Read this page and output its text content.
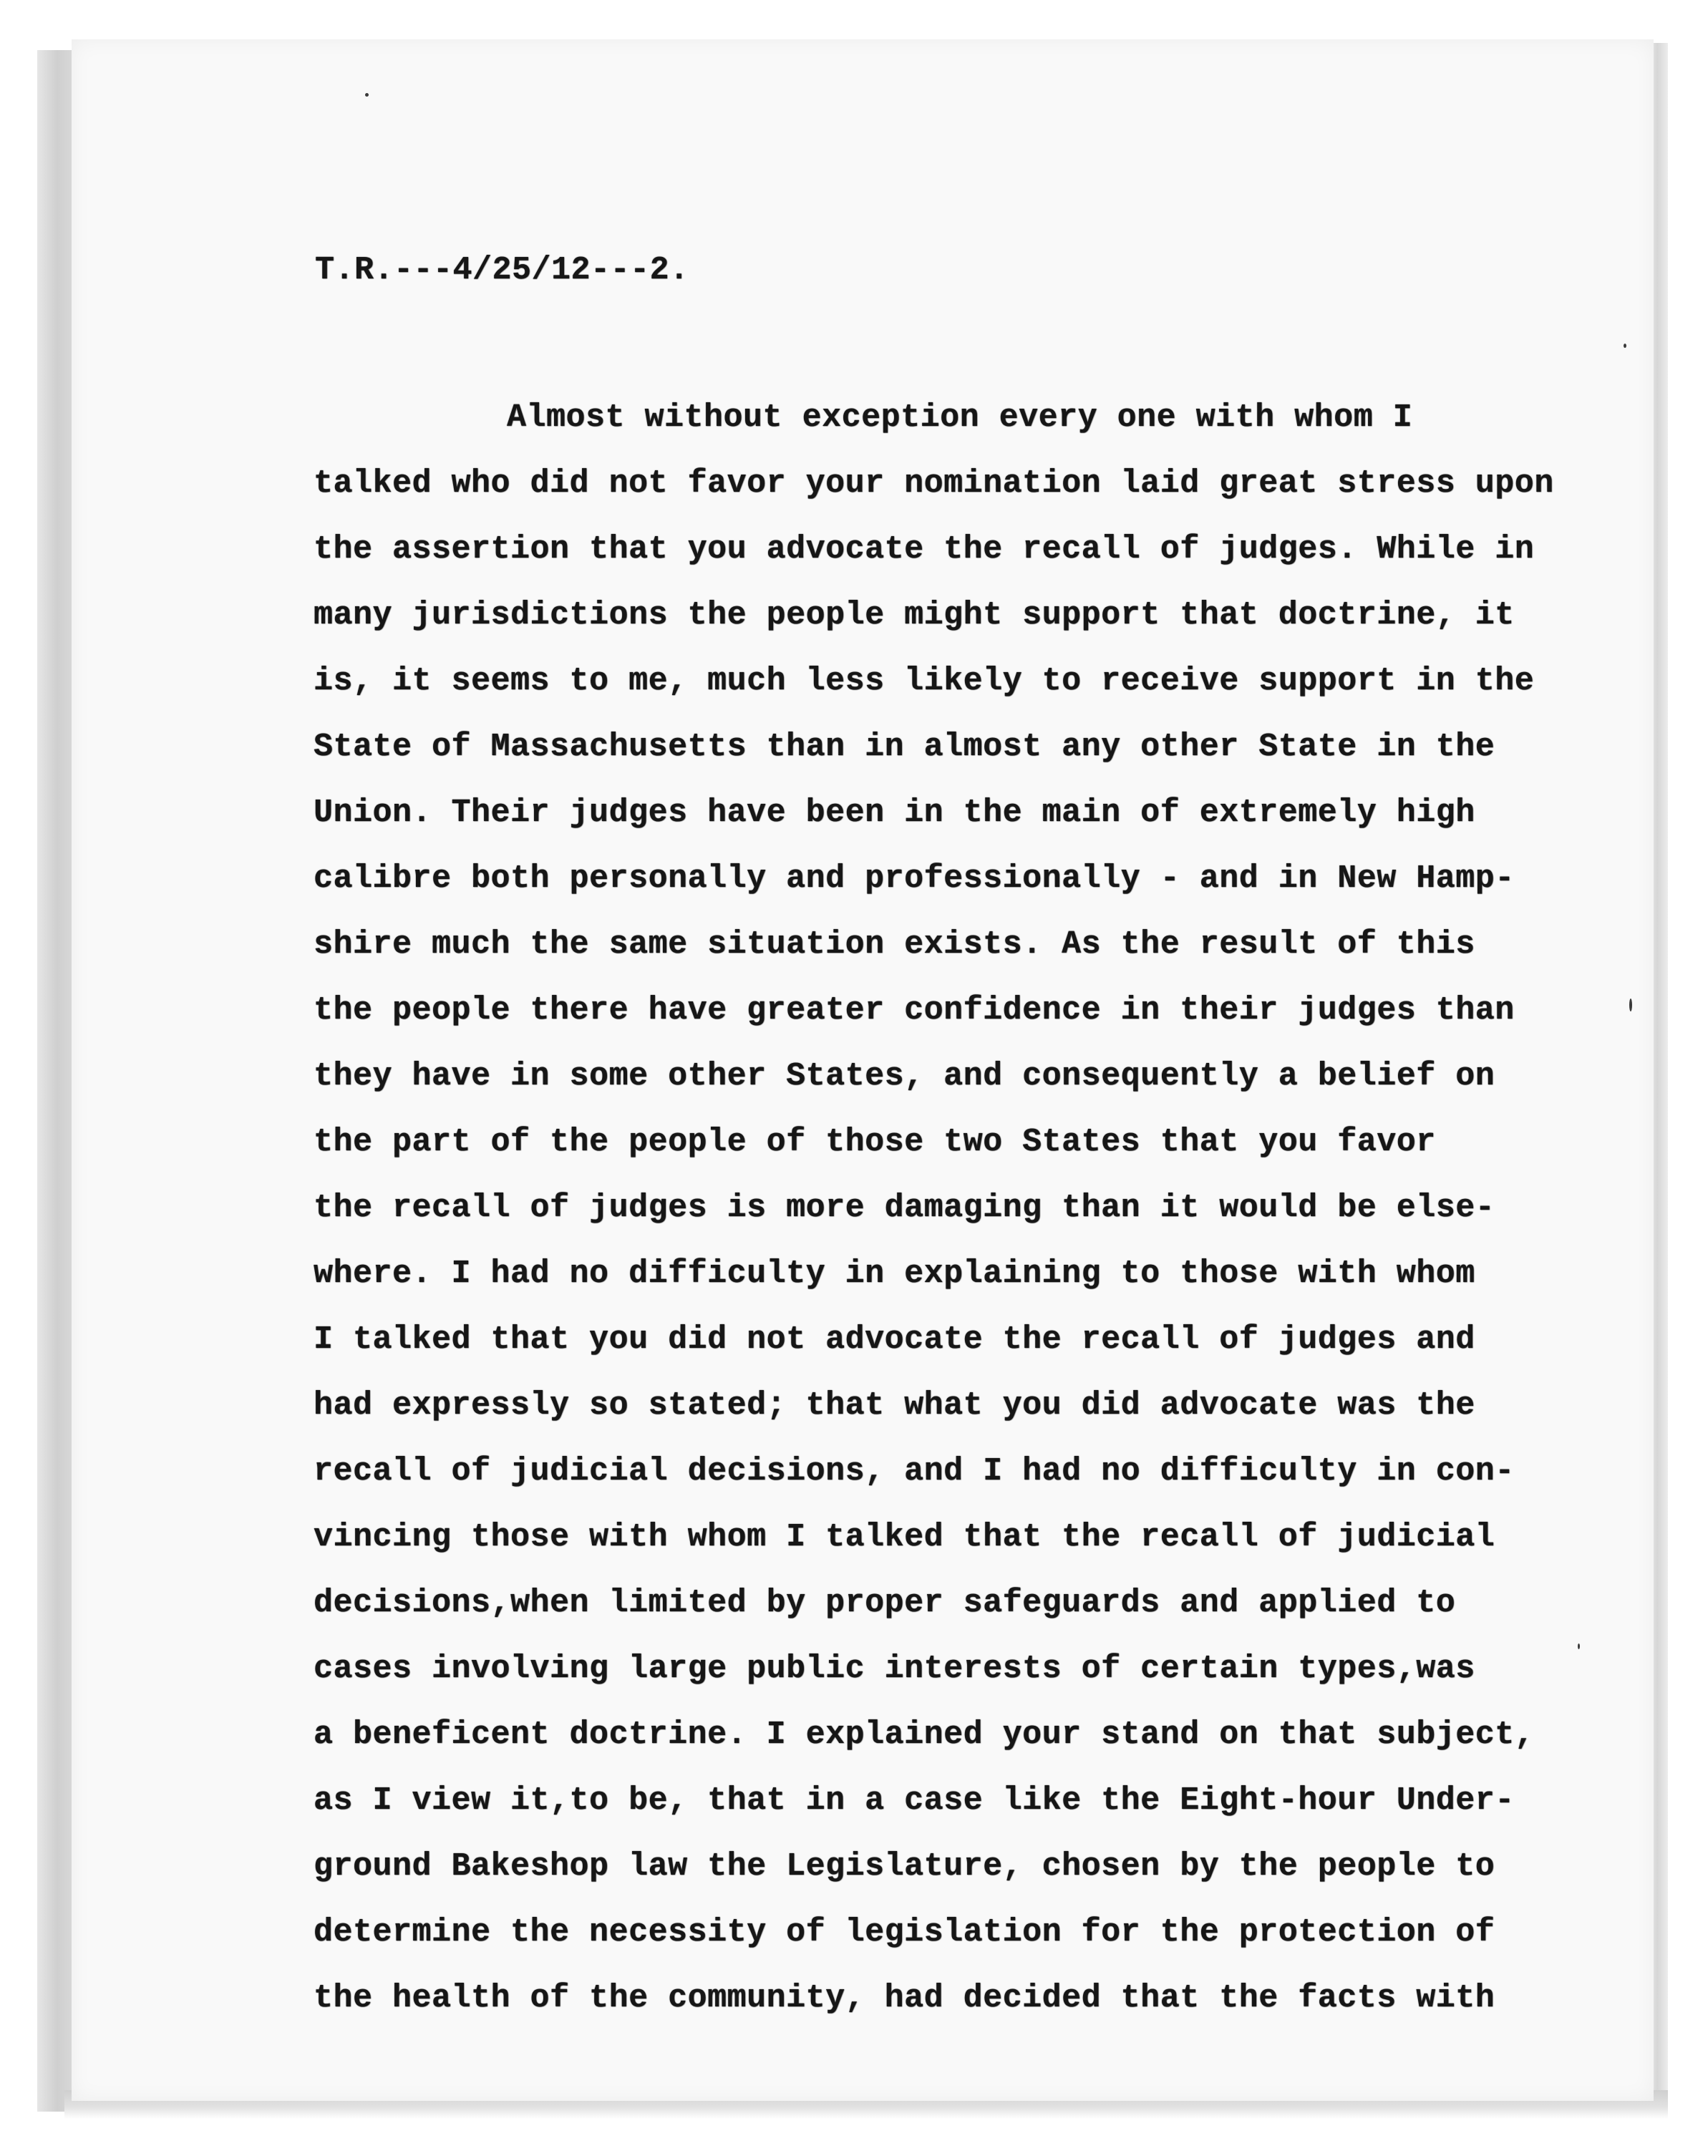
T.R.---4/25/12---2.
Almost without exception every one with whom I
talked who did not favor your nomination laid great stress upon
the assertion that you advocate the recall of judges. While in
many jurisdictions the people might support that doctrine, it
is, it seems to me, much less likely to receive support in the
State of Massachusetts than in almost any other State in the
Union. Their judges have been in the main of extremely high
calibre both personally and professionally - and in New Hamp-
shire much the same situation exists. As the result of this
the people there have greater confidence in their judges than
they have in some other States, and consequently a belief on
the part of the people of those two States that you favor
the recall of judges is more damaging than it would be else-
where. I had no difficulty in explaining to those with whom
I talked that you did not advocate the recall of judges and
had expressly so stated; that what you did advocate was the
recall of judicial decisions, and I had no difficulty in con-
vincing those with whom I talked that the recall of judicial
decisions,when limited by proper safeguards and applied to
cases involving large public interests of certain types,was
a beneficent doctrine. I explained your stand on that subject,
as I view it,to be, that in a case like the Eight-hour Under-
ground Bakeshop law the Legislature, chosen by the people to
determine the necessity of legislation for the protection of
the health of the community, had decided that the facts with
